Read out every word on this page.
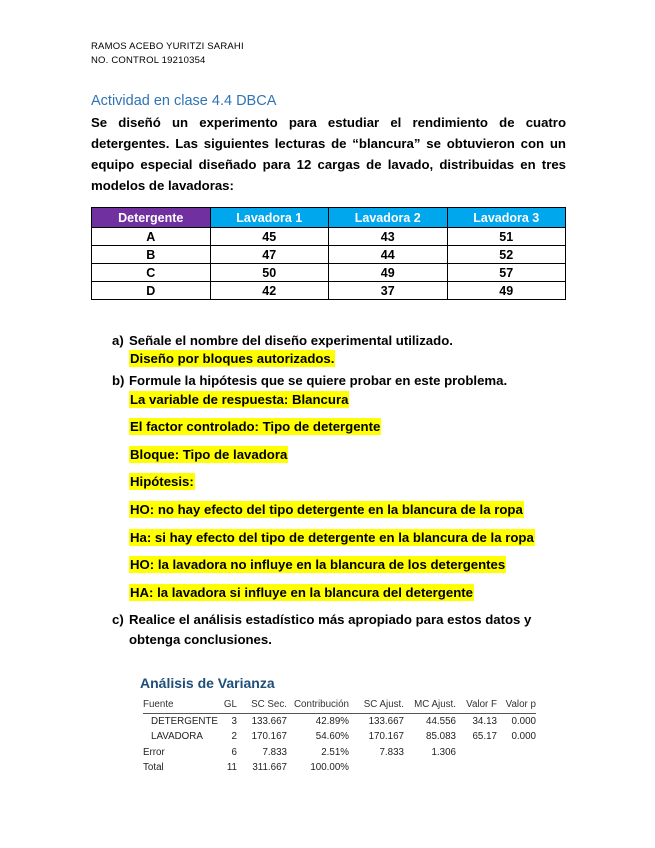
RAMOS ACEBO YURITZI SARAHI
NO. CONTROL 19210354
Actividad en clase 4.4 DBCA
Se diseñó un experimento para estudiar el rendimiento de cuatro detergentes. Las siguientes lecturas de “blancura” se obtuvieron con un equipo especial diseñado para 12 cargas de lavado, distribuidas en tres modelos de lavadoras:
Detergente	Lavadora 1	Lavadora 2	Lavadora 3
A	45	43	51
B	47	44	52
C	50	49	57
D	42	37	49
a) Señale el nombre del diseño experimental utilizado.
Diseño por bloques autorizados.
b) Formule la hipótesis que se quiere probar en este problema.
La variable de respuesta: Blancura
El factor controlado: Tipo de detergente
Bloque: Tipo de lavadora
Hipótesis:
HO: no hay efecto del tipo detergente en la blancura de la ropa
Ha: si hay efecto del tipo de detergente en la blancura de la ropa
HO: la lavadora no influye en la blancura de los detergentes
HA: la lavadora si influye en la blancura del detergente
c) Realice el análisis estadístico más apropiado para estos datos y obtenga conclusiones.
Análisis de Varianza
Fuente	GL	SC Sec.	Contribución	SC Ajust.	MC Ajust.	Valor F	Valor p
DETERGENTE	3	133.667	42.89%	133.667	44.556	34.13	0.000
LAVADORA	2	170.167	54.60%	170.167	85.083	65.17	0.000
Error	6	7.833	2.51%	7.833	1.306		
Total	11	311.667	100.00%				
